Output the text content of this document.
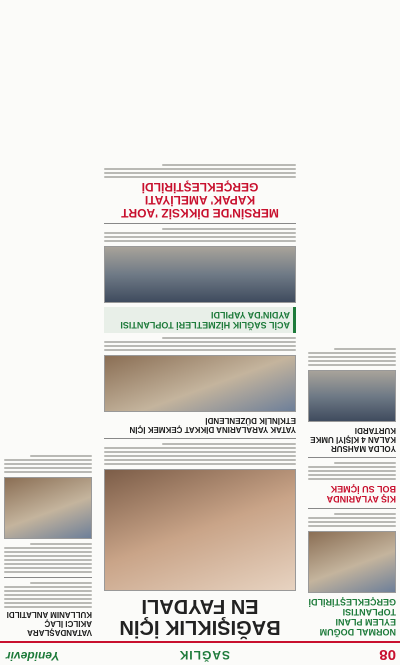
08
SAĞLIK
Yenidevir
NORMAL DOĞUM EYLEM PLANI TOPLANTISI GERÇEKLEŞTİRİLDİ
KIŞ AYLARINDA BOL SU İÇMEK
YOLDA MAHSUR KALAN 4 KİŞİYİ UMKE KURTARDI
BAĞIŞIKLIK İÇİN EN FAYDALI
YATAK YARALARINA DİKKAT ÇEKMEK İÇİN ETKİNLİK DÜZENLENDİ
ACİL SAĞLIK HİZMETLERİ TOPLANTISI AYDIN'DA YAPILDI
MERSİN'DE DİKKSİZ 'AORT KAPAK' AMELİYATI GERÇEKLEŞTİRİLDİ
VATANDAŞLARA AKILCI İLAÇ KULLANIM ANLATILDI
